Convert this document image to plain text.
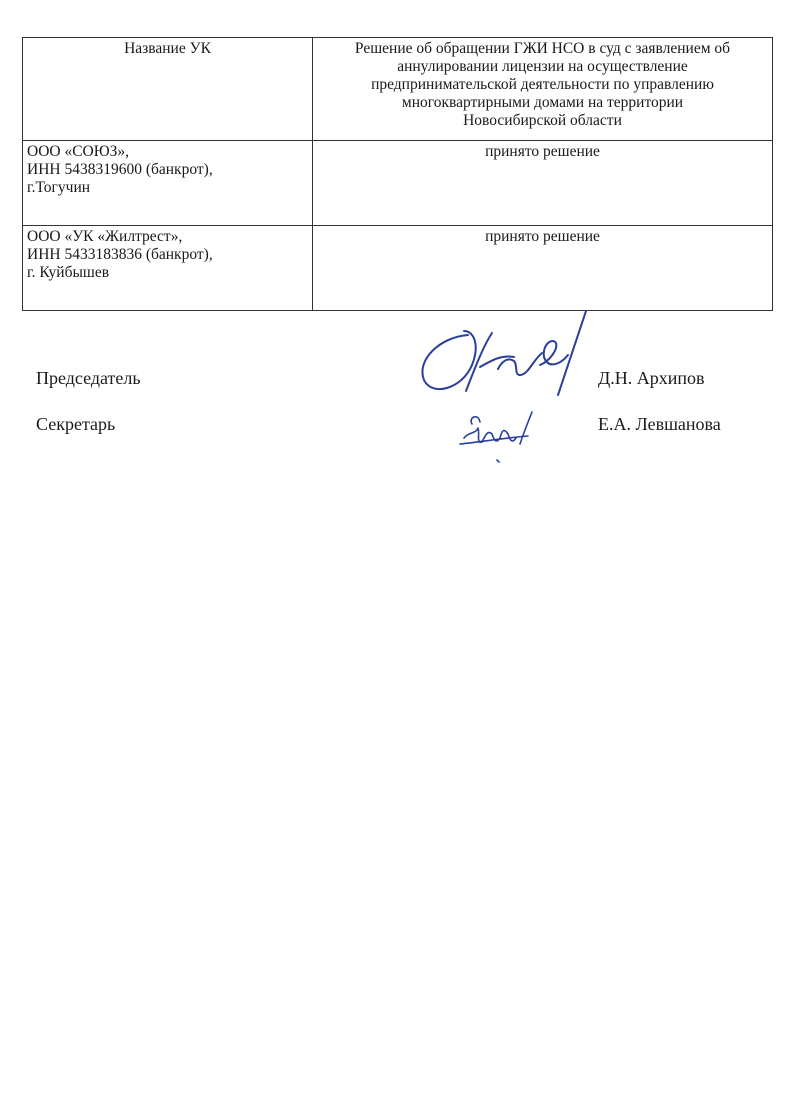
Название УК	Решение об обращении ГЖИ НСО в суд с заявлением об
аннулировании лицензии на осуществление
предпринимательской деятельности по управлению
многоквартирными домами на территории
Новосибирской области

ООО «СОЮЗ»,
ИНН 5438319600 (банкрот),
г.Тогучин	принято решение

ООО «УК «Жилтрест»,
ИНН 5433183836 (банкрот),
г. Куйбышев	принято решение
Председатель	Д.Н. Архипов
Секретарь	Е.А. Левшанова
